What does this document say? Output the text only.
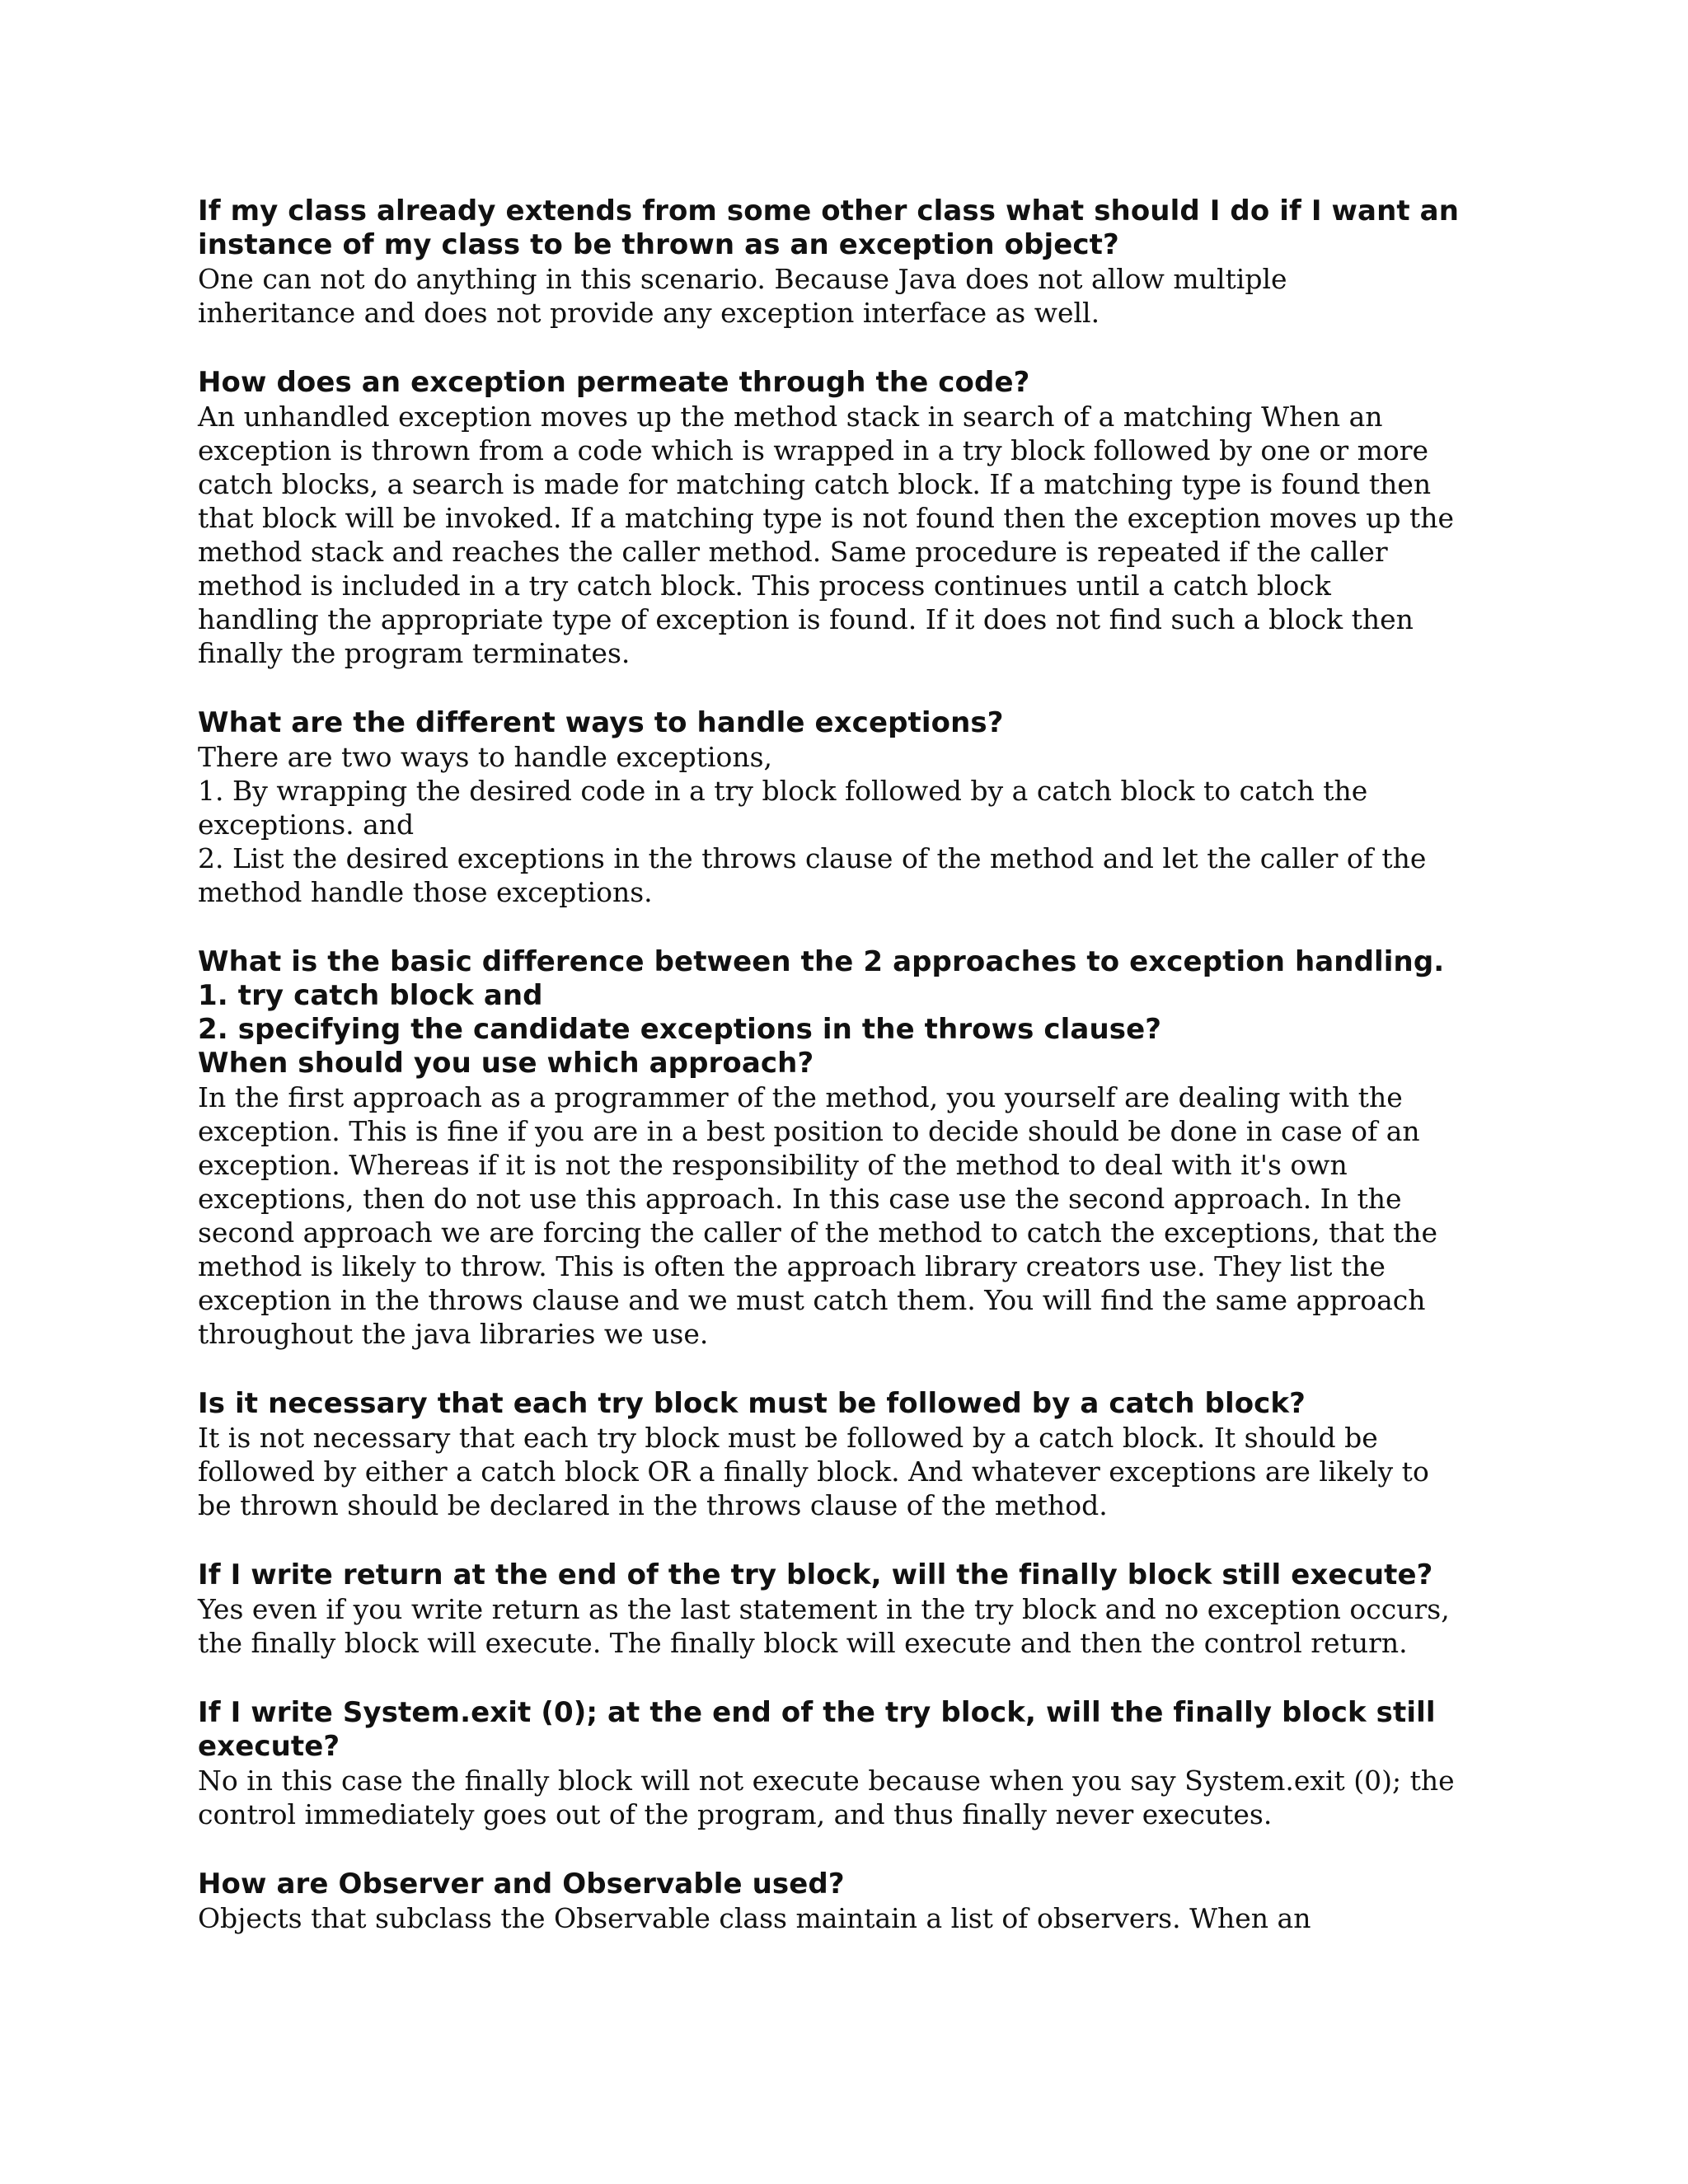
If my class already extends from some other class what should I do if I want an
instance of my class to be thrown as an exception object?

One can not do anything in this scenario. Because Java does not allow multiple
inheritance and does not provide any exception interface as well.

How does an exception permeate through the code?

An unhandled exception moves up the method stack in search of a matching When an
exception is thrown from a code which is wrapped in a try block followed by one or more
catch blocks, a search is made for matching catch block. If a matching type is found then
that block will be invoked. If a matching type is not found then the exception moves up the
method stack and reaches the caller method. Same procedure is repeated if the caller
method is included in a try catch block. This process continues until a catch block
handling the appropriate type of exception is found. If it does not find such a block then
finally the program terminates.

What are the different ways to handle exceptions?

There are two ways to handle exceptions,
1. By wrapping the desired code in a try block followed by a catch block to catch the
exceptions. and
2. List the desired exceptions in the throws clause of the method and let the caller of the
method handle those exceptions.

What is the basic difference between the 2 approaches to exception handling.
1. try catch block and
2. specifying the candidate exceptions in the throws clause?
When should you use which approach?

In the first approach as a programmer of the method, you yourself are dealing with the
exception. This is fine if you are in a best position to decide should be done in case of an
exception. Whereas if it is not the responsibility of the method to deal with it's own
exceptions, then do not use this approach. In this case use the second approach. In the
second approach we are forcing the caller of the method to catch the exceptions, that the
method is likely to throw. This is often the approach library creators use. They list the
exception in the throws clause and we must catch them. You will find the same approach
throughout the java libraries we use.

Is it necessary that each try block must be followed by a catch block?

It is not necessary that each try block must be followed by a catch block. It should be
followed by either a catch block OR a finally block. And whatever exceptions are likely to
be thrown should be declared in the throws clause of the method.

If I write return at the end of the try block, will the finally block still execute?

Yes even if you write return as the last statement in the try block and no exception occurs,
the finally block will execute. The finally block will execute and then the control return.

If I write System.exit (0); at the end of the try block, will the finally block still
execute?

No in this case the finally block will not execute because when you say System.exit (0); the
control immediately goes out of the program, and thus finally never executes.

How are Observer and Observable used?

Objects that subclass the Observable class maintain a list of observers. When an
